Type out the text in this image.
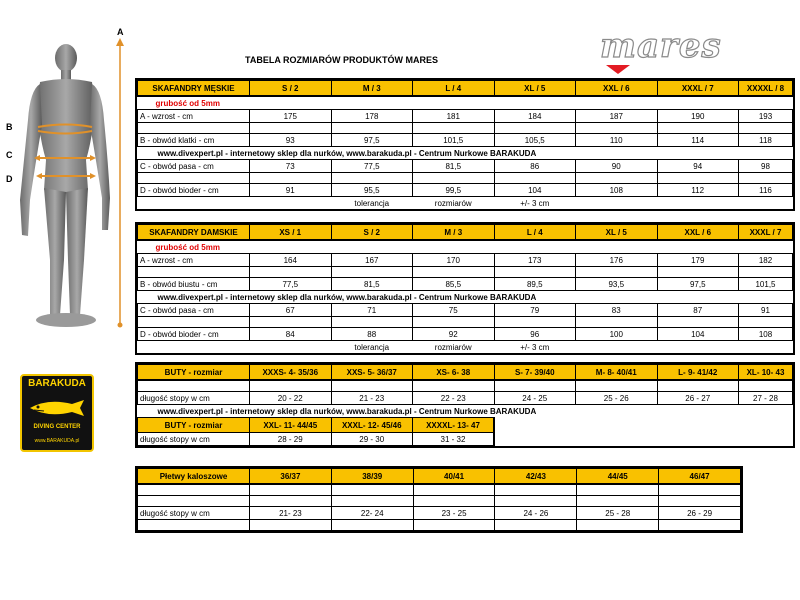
TABELA ROZMIARÓW PRODUKTÓW MARES	mares
A
B
C
D
BARAKUDA
DIVING CENTER
www.BARAKUDA.pl
SKAFANDRY MĘSKIE	S / 2	M / 3	L / 4	XL / 5	XXL / 6	XXXL / 7	XXXXL / 8
grubość od 5mm							
A - wzrost - cm	175	178	181	184	187	190	193

B - obwód klatki - cm	93	97,5	101,5	105,5	110	114	118
www.divexpert.pl - internetowy sklep dla nurków, www.barakuda.pl - Centrum Nurkowe BARAKUDA							
C - obwód pasa - cm	73	77,5	81,5	86	90	94	98

D - obwód bioder - cm	91	95,5	99,5	104	108	112	116
		tolerancja	rozmiarów	+/- 3 cm			
SKAFANDRY DAMSKIE	XS / 1	S / 2	M / 3	L / 4	XL / 5	XXL / 6	XXXL / 7
grubość od 5mm							
A - wzrost - cm	164	167	170	173	176	179	182

B - obwód biustu - cm	77,5	81,5	85,5	89,5	93,5	97,5	101,5
www.divexpert.pl - internetowy sklep dla nurków, www.barakuda.pl - Centrum Nurkowe BARAKUDA							
C - obwód pasa - cm	67	71	75	79	83	87	91

D - obwód bioder - cm	84	88	92	96	100	104	108
		tolerancja	rozmiarów	+/- 3 cm			
BUTY - rozmiar	XXXS- 4- 35/36	XXS- 5- 36/37	XS- 6- 38	S- 7- 39/40	M- 8- 40/41	L- 9- 41/42	XL- 10- 43

długość stopy w cm	20 - 22	21 - 23	22 - 23	24 - 25	25 - 26	26 - 27	27 - 28
www.divexpert.pl - internetowy sklep dla nurków, www.barakuda.pl - Centrum Nurkowe BARAKUDA							
BUTY - rozmiar	XXL- 11- 44/45	XXXL- 12- 45/46	XXXXL- 13- 47				
długość stopy w cm	28 - 29	29 - 30	31 - 32				
Płetwy kaloszowe	36/37	38/39	40/41	42/43	44/45	46/47

długość stopy w cm	21- 23	22- 24	23 - 25	24 - 26	25 - 28	26 - 29
